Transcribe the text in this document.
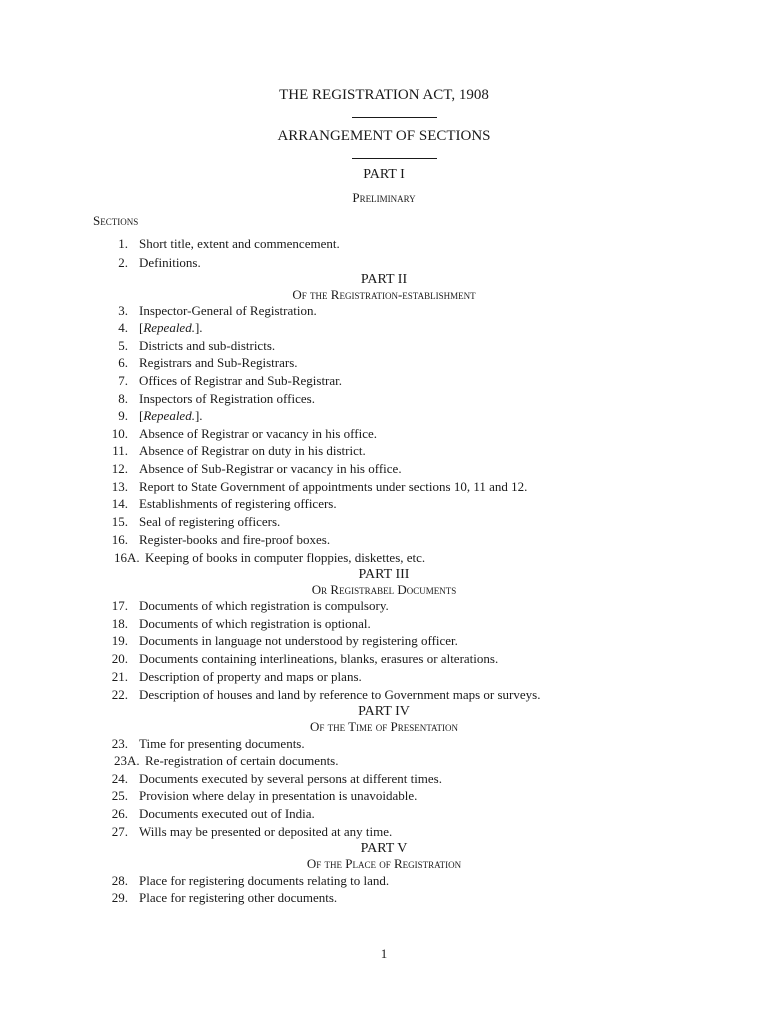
THE REGISTRATION ACT, 1908
ARRANGEMENT OF SECTIONS
PART I
Preliminary
Sections
1. Short title, extent and commencement.
2. Definitions.
PART II
Of the Registration-establishment
3. Inspector-General of Registration.
4. [Repealed.].
5. Districts and sub-districts.
6. Registrars and Sub-Registrars.
7. Offices of Registrar and Sub-Registrar.
8. Inspectors of Registration offices.
9. [Repealed.].
10. Absence of Registrar or vacancy in his office.
11. Absence of Registrar on duty in his district.
12. Absence of Sub-Registrar or vacancy in his office.
13. Report to State Government of appointments under sections 10, 11 and 12.
14. Establishments of registering officers.
15. Seal of registering officers.
16. Register-books and fire-proof boxes.
16A. Keeping of books in computer floppies, diskettes, etc.
PART III
Or Registrabel Documents
17. Documents of which registration is compulsory.
18. Documents of which registration is optional.
19. Documents in language not understood by registering officer.
20. Documents containing interlineations, blanks, erasures or alterations.
21. Description of property and maps or plans.
22. Description of houses and land by reference to Government maps or surveys.
PART IV
Of the Time of Presentation
23. Time for presenting documents.
23A. Re-registration of certain documents.
24. Documents executed by several persons at different times.
25. Provision where delay in presentation is unavoidable.
26. Documents executed out of India.
27. Wills may be presented or deposited at any time.
PART V
Of the Place of Registration
28. Place for registering documents relating to land.
29. Place for registering other documents.
1
